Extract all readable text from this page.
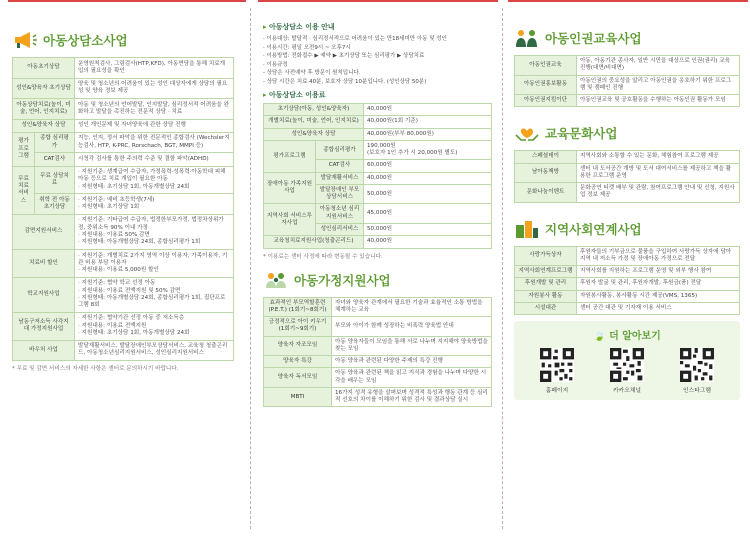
아동상담소사업
아동초기상담		운영원칙검사, 그림검사(HTP,KFD), 아동면담을 통해 치료개입의 필요성을 확인
성인&양육자 초기상담		양육 및 청소년의 어려움이 있는 성인 대상자에게 상담의 필요성 및 양육 정보 제공
아동상담치료(놀이, 미술, 언어, 인지치료)		아동 및 청소년의 언어발달, 인지발달, 심리정서적 어려움을 완화하고 발달을 촉진하는 전문적 상담 · 치료
성인&양육자 상담		성인 개인문제 및 자녀양육에 관한 상담 진행
평가 프로그램	종합 심리평가	지능, 인지, 정서 파악을 위한 전문적인 종합검사 (Wechsler지능검사, HTP, K-PRC, Rorschach, BGT, MMPI 등)
	CAT검사	시청각 검사를 통한 주의력 수준 및 결함 파악(ADHD)
무료 치료 서비스	무료 상담치료	· 지원기준: 생계급여 수급자, 가정폭력·성폭력·아동학대 피해아동 등으로 치료 개입이 필요한 아동
· 지원형태: 초기상담 1회, 아동개별상담 24회
	취학 전 아동 초기상담	· 지원기준: 예비 초등학생(7세)
· 지원형태: 초기상담 1회
감면지원서비스		· 지원기준: 기타급여 수급자, 법정한부모가정, 법정차상위가정, 중위소득 90% 이내 가정
· 지원내용: 이용료 50% 감면
· 지원형태: 아동개별상담 24회, 종합심리평가 1회
치료비 할인		· 지원기준: 개별치료 2가지 영역 이상 이용자, 가족이용자, 기관 비용 부담 이용자
· 지원내용: 이용료 5,000원 할인
학교지원사업		· 지원기준: 협약 학교 선정 아동
· 지원내용: 이용료 전액지원 및 50% 감면
· 지원형태: 아동개별상담 24회, 종합심리평가 1회, 집단프로그램 8회
남동구저소득 사각지대 가정지원사업		· 지원기준: 협약기관 선정 아동 중 저소득층
· 지원내용: 이용료 전액지원
· 지원형태: 초기상담 1회, 아동개별상담 24회
바우처 사업		발달재활서비스, 발달장애인부모상담서비스, 교육청 청출곤리드, 아동청소년심리지원서비스, 성인심리지원서비스
* 무료 및 감면 서비스의 자세한 사항은 센터로 문의하시기 바랍니다.
▸ 아동상담소 이용 안내
· 이용대상: 발달적 · 심리정서적으로 어려움이 있는 만18세미만 아동 및 성인
· 이용시간: 평일 오전9시 ~ 오후7시
· 이용방법: 전화접수 ▶ 예약 ▶ 초기상담 또는 심리평가 ▶ 상담치료
· 이용규정
- 상담은 사전예약 후 방문이 원칙입니다.
- 상담 시간은 치료 40분, 보호자 상담 10분입니다. (성인상담 50분)
▸ 아동상담소 이용료
초기상담(아동, 성인&양육자)		40,000원
개별치료(놀이, 미술, 언어, 인지치료)		40,000원(1회 기준)
성인&양육자 상담		40,000원(부부 80,000원)
평가프로그램	종합심리평가	190,000원
(보호자 1인 추가 시 20,000원 별도)
	CAT검사	60,000원
장애아동 가족지원사업	발달재활서비스	40,000원
	발달장애인 부모상담서비스	50,000원
지역사회 서비스투자사업	아동청소년 심리지원서비스	45,000원
	성인심리서비스	50,000원
교육청치료지원사업(청출곤리드)		40,000원
* 이용료는 센터 사정에 따라 변동될 수 있습니다.
아동가정지원사업
효과적인 부모역할훈련 (P.E.T.) (1회기~8회기)	자녀와 양육자 관계에서 필요한 기술과 효율적인 소통 방법을 체계하는 교육
긍정적으로 아이 키우기 (1회기~9회기)	부모와 아이가 함께 성장하는 비폭력 양육법 안내
양육자 자조모임	아동 양육자들이 모임을 통해 서로 나누며 지지해야 양육방법을 찾는 모임
양육자 특강	아동 양육과 관련된 다양한 주제의 특강 진행
양육자 독서모임	아동 양육과 관련된 책을 읽고 지식과 경험을 나누며 다양한 시각을 배우는 모임
MBTI	16가지 성격 유형을 살펴보며 성격적 특성과 행동 관계 등 심리적 선호의 차이를 이해하기 위한 검사 및 결과상담 실시
아동인권교육사업
아동인권교육	아동, 아동기관 종사자, 일반 시민을 대상으로 인권(권리) 교육 진행(대면/비대면)
아동인권홍보활동	아동인권의 중요성을 알리고 아동인권을 옹호하기 위한 프로그램 및 캠페인 진행
아동인권지킴이단	아동인권교육 및 공호활동을 수행하는 아동인권 활동가 모임
교육문화사업
스페셜데이	지역사회와 소통할 수 있는 문화, 체험참여 프로그램 제공
남아동책방	센터 내 도서공간 개방 및 도서 대여서비스를 제공하고 책을 활용한 프로그램 운영
문화나눔이벤트	문화공연 티켓 배부 및 관람, 참여프로그램 안내 및 신청, 지원사업 정보 제공
지역사회연계사업
사랑가득상자	후원자들의 기부금으로 물품을 구입하여 사랑가득 상자에 담아 지역 내 저소득 가정 및 장애아동 가정으로 전달
지역사회연계프로그램	지역사회를 지원하는 프로그램 운영 및 외부 행사 참여
후원개발 및 관리	후원자 발굴 및 관리, 후원자개발, 후원금(품) 전달
자원봉사 활동	자원봉사활동, 봉사활동 시간 제공(VMS, 1365)
시설대관	센터 공간 대관 및 기자재 이용 서비스
🍃 더 알아보기
홈페이지	카카오채널	인스타그램
